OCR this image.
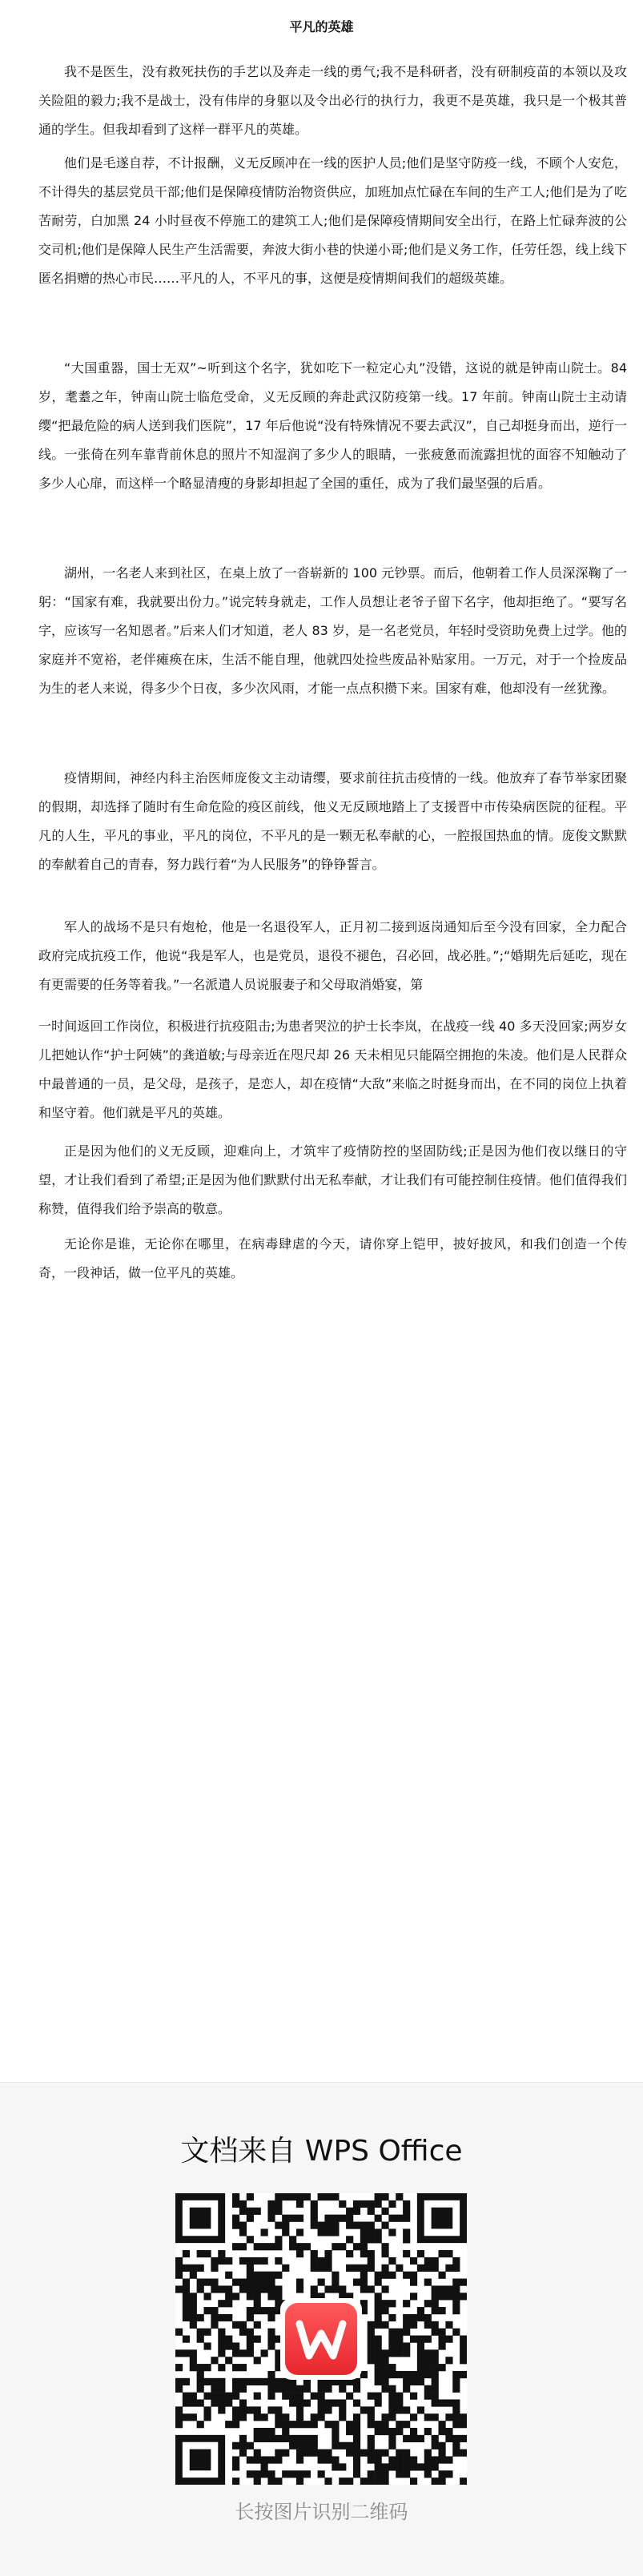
平凡的英雄

我不是医生，没有救死扶伤的手艺以及奔走一线的勇气;我不是科研者，没有研制疫苗的本领以及攻关险阻的毅力;我不是战士，没有伟岸的身躯以及令出必行的执行力，我更不是英雄，我只是一个极其普通的学生。但我却看到了这样一群平凡的英雄。

他们是毛遂自荐，不计报酬，义无反顾冲在一线的医护人员;他们是坚守防疫一线，不顾个人安危，不计得失的基层党员干部;他们是保障疫情防治物资供应，加班加点忙碌在车间的生产工人;他们是为了吃苦耐劳，白加黑 24 小时昼夜不停施工的建筑工人;他们是保障疫情期间安全出行，在路上忙碌奔波的公交司机;他们是保障人民生产生活需要，奔波大街小巷的快递小哥;他们是义务工作，任劳任怨，线上线下匿名捐赠的热心市民……平凡的人，不平凡的事，这便是疫情期间我们的超级英雄。

“大国重器，国士无双”~听到这个名字，犹如吃下一粒定心丸”没错，这说的就是钟南山院士。84 岁，耄耋之年，钟南山院士临危受命，义无反顾的奔赴武汉防疫第一线。17 年前。钟南山院士主动请缨“把最危险的病人送到我们医院”，17 年后他说“没有特殊情况不要去武汉”，自己却挺身而出，逆行一线。一张倚在列车靠背前休息的照片不知湿润了多少人的眼睛，一张疲惫而流露担忧的面容不知触动了多少人心扉，而这样一个略显清瘦的身影却担起了全国的重任，成为了我们最坚强的后盾。

湖州，一名老人来到社区，在桌上放了一沓崭新的 100 元钞票。而后，他朝着工作人员深深鞠了一躬：“国家有难，我就要出份力。”说完转身就走，工作人员想让老爷子留下名字，他却拒绝了。“要写名字，应该写一名知恩者。”后来人们才知道，老人 83 岁，是一名老党员，年轻时受资助免费上过学。他的家庭并不宽裕，老伴瘫痪在床，生活不能自理，他就四处捡些废品补贴家用。一万元，对于一个捡废品为生的老人来说，得多少个日夜，多少次风雨，才能一点点积攒下来。国家有难，他却没有一丝犹豫。

疫情期间，神经内科主治医师庞俊文主动请缨，要求前往抗击疫情的一线。他放弃了春节举家团聚的假期，却选择了随时有生命危险的疫区前线，他义无反顾地踏上了支援晋中市传染病医院的征程。平凡的人生，平凡的事业，平凡的岗位，不平凡的是一颗无私奉献的心，一腔报国热血的情。庞俊文默默的奉献着自己的青春，努力践行着“为人民服务”的铮铮誓言。

军人的战场不是只有炮枪，他是一名退役军人，正月初二接到返岗通知后至今没有回家，全力配合政府完成抗疫工作，他说“我是军人，也是党员，退役不褪色，召必回，战必胜。”;“婚期先后延吃，现在有更需要的任务等着我。”一名派遣人员说服妻子和父母取消婚宴，第

一时间返回工作岗位，积极进行抗疫阻击;为患者哭泣的护士长李岚，在战疫一线 40 多天没回家;两岁女儿把她认作“护士阿姨”的龚道敏;与母亲近在咫尺却 26 天未相见只能隔空拥抱的朱凌。他们是人民群众中最普通的一员，是父母，是孩子，是恋人，却在疫情“大敌”来临之时挺身而出，在不同的岗位上执着和坚守着。他们就是平凡的英雄。

正是因为他们的义无反顾，迎难向上，才筑牢了疫情防控的坚固防线;正是因为他们夜以继日的守望，才让我们看到了希望;正是因为他们默默付出无私奉献，才让我们有可能控制住疫情。他们值得我们称赞，值得我们给予崇高的敬意。

无论你是谁，无论你在哪里，在病毒肆虐的今天，请你穿上铠甲，披好披风，和我们创造一个传奇，一段神话，做一位平凡的英雄。

文档来自 WPS Office
长按图片识别二维码
